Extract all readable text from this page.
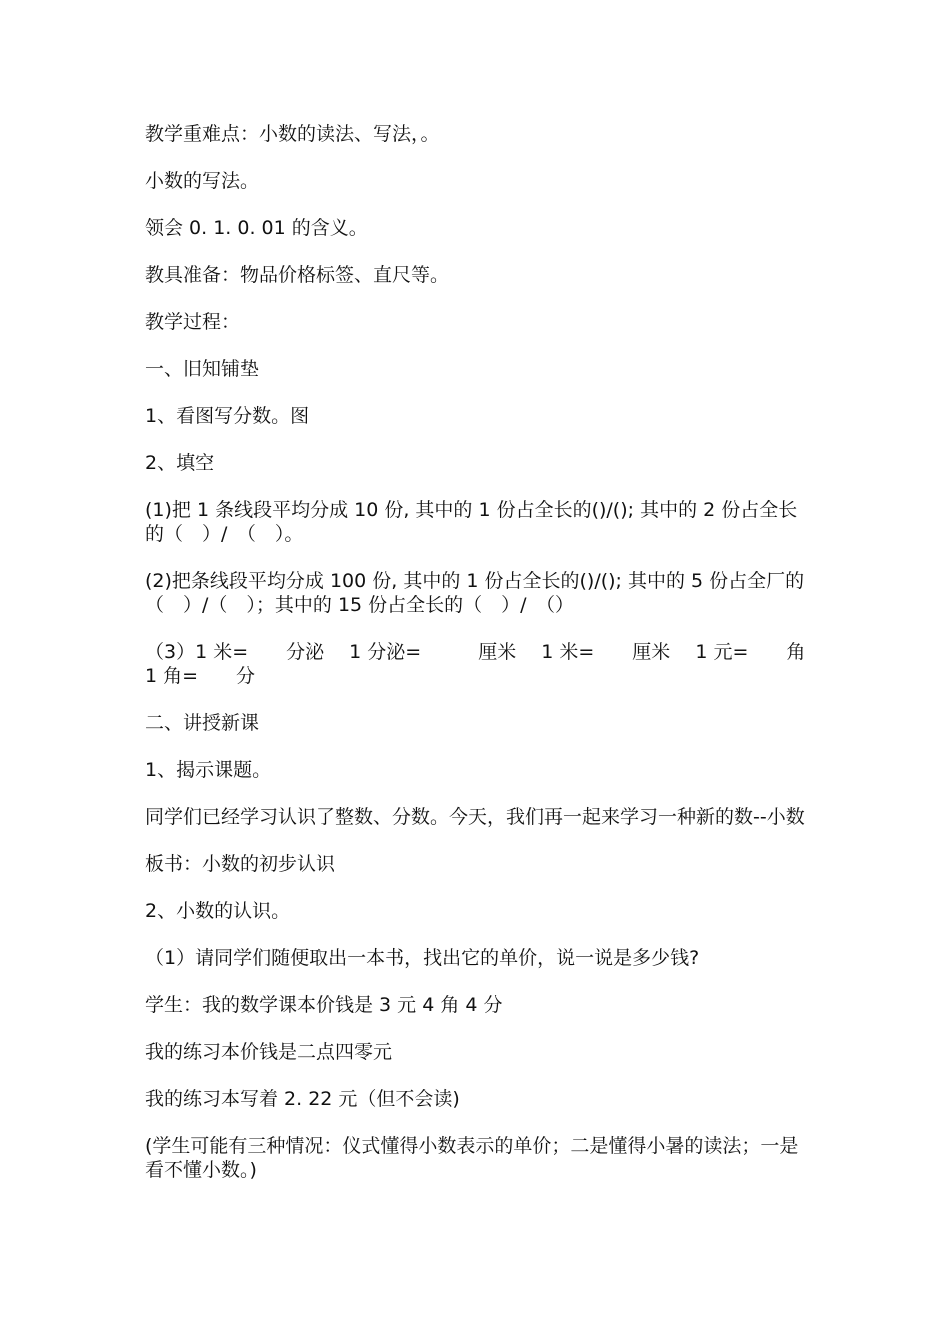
教学重难点：小数的读法、写法，。

小数的写法。

领会 0. 1. 0. 01 的含义。

教具准备：物品价格标签、直尺等。

教学过程：

一、旧知铺垫

1、看图写分数。图

2、填空

(1)把 1 条线段平均分成 10 份, 其中的 1 份占全长的()/(); 其中的 2 份占全长的（　）/　（　）。

(2)把条线段平均分成 100 份, 其中的 1 份占全长的()/(); 其中的 5 份占全厂的（　）/（　）；其中的 15 份占全长的（　）/　（）

（3）1 米=　　分泌　 1 分泌=　　　厘米　 1 米=　　厘米　 1 元=　　角　 1 角=　　分

二、讲授新课

1、揭示课题。

同学们已经学习认识了整数、分数。今天，我们再一起来学习一种新的数--小数

板书：小数的初步认识

2、小数的认识。

（1）请同学们随便取出一本书，找出它的单价，说一说是多少钱?

学生：我的数学课本价钱是 3 元 4 角 4 分

我的练习本价钱是二点四零元

我的练习本写着 2. 22 元（但不会读)

(学生可能有三种情况：仪式懂得小数表示的单价；二是懂得小暑的读法；一是看不懂小数。)
